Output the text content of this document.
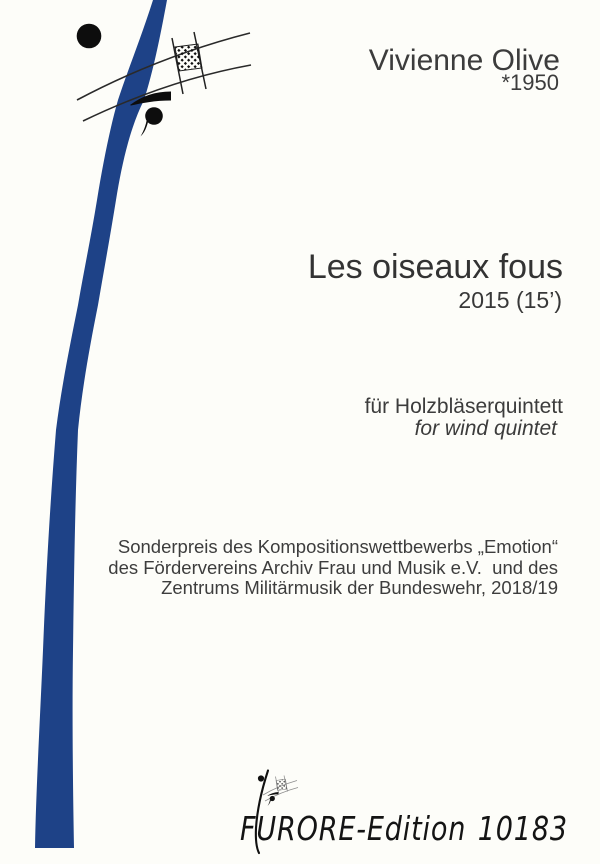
Vivienne Olive
*1950
Les oiseaux fous
2015 (15’)
für Holzbläserquintett
for wind quintet
Sonderpreis des Kompositionswettbewerbs „Emotion“
des Fördervereins Archiv Frau und Musik e.V.  und des
Zentrums Militärmusik der Bundeswehr, 2018/19
FURORE-Edition 10183
